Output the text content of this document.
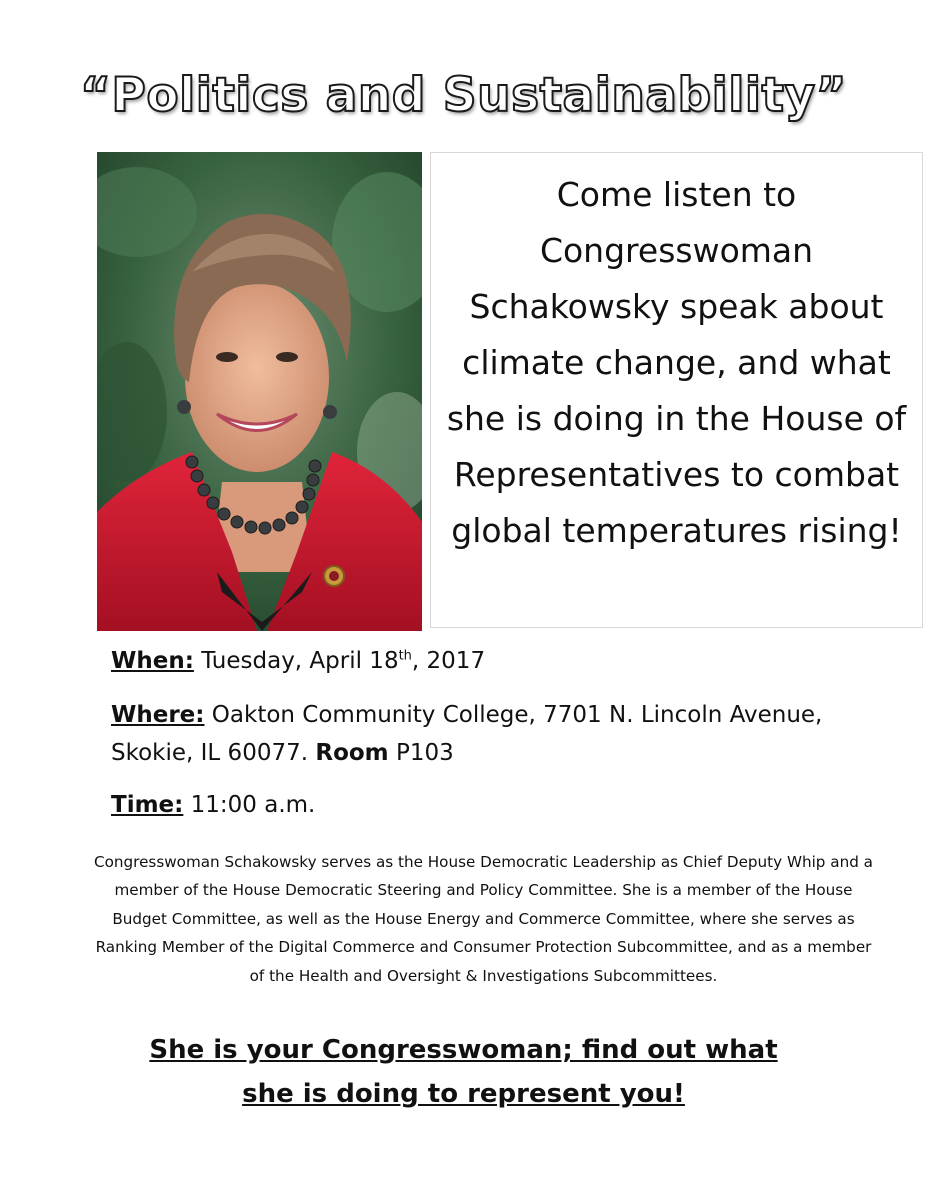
“Politics and Sustainability”
Come listen to Congresswoman Schakowsky speak about climate change, and what she is doing in the House of Representatives to combat global temperatures rising!

When: Tuesday, April 18th, 2017

Where: Oakton Community College, 7701 N. Lincoln Avenue, Skokie, IL 60077. Room P103

Time: 11:00 a.m.

Congresswoman Schakowsky serves as the House Democratic Leadership as Chief Deputy Whip and a member of the House Democratic Steering and Policy Committee. She is a member of the House Budget Committee, as well as the House Energy and Commerce Committee, where she serves as Ranking Member of the Digital Commerce and Consumer Protection Subcommittee, and as a member of the Health and Oversight & Investigations Subcommittees.
She is your Congresswoman; find out what
she is doing to represent you!
